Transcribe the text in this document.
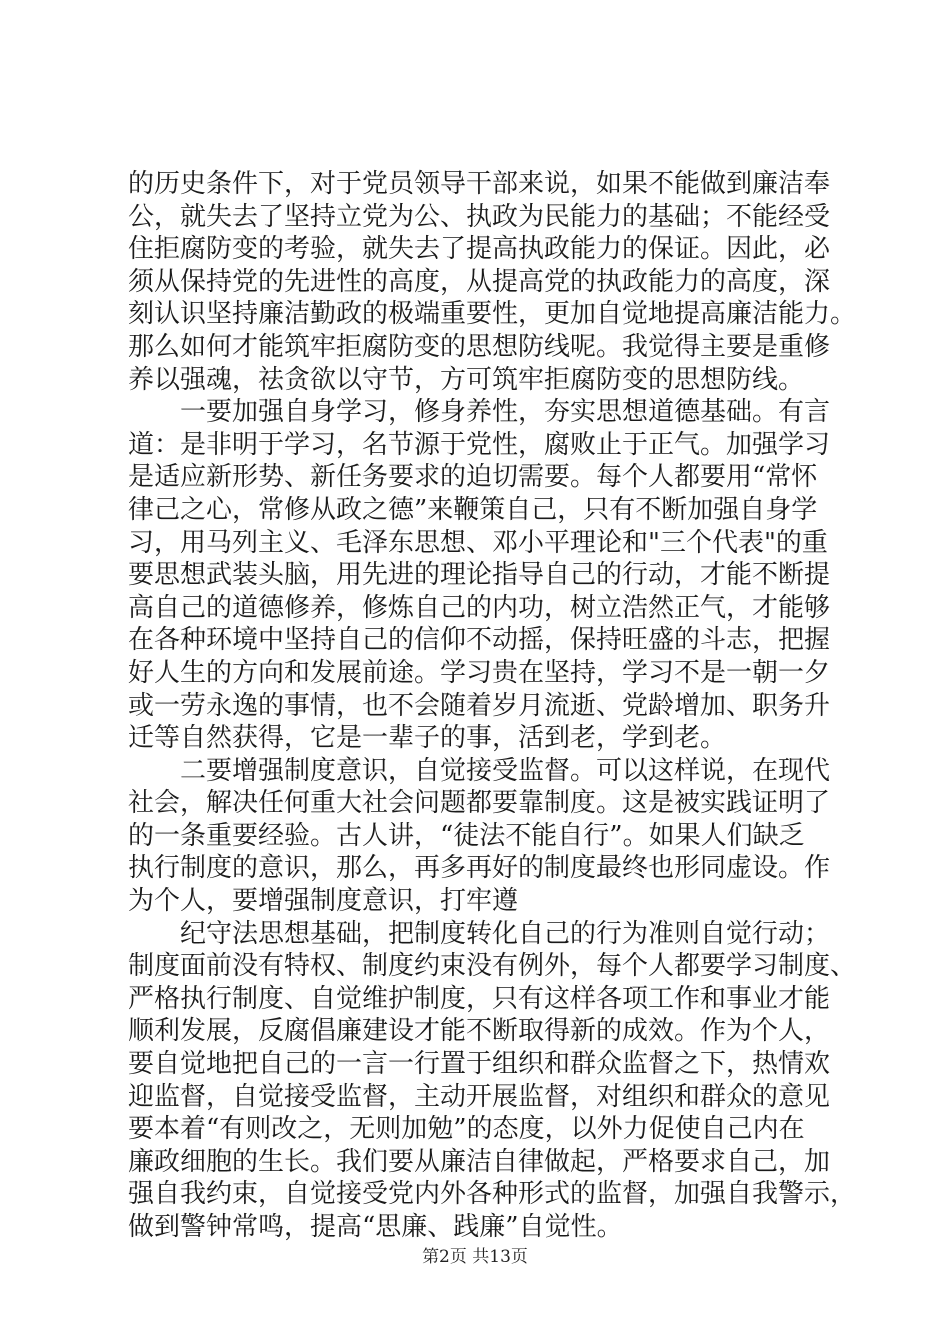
的历史条件下，对于党员领导干部来说，如果不能做到廉洁奉
公，就失去了坚持立党为公、执政为民能力的基础；不能经受
住拒腐防变的考验，就失去了提高执政能力的保证。因此，必
须从保持党的先进性的高度，从提高党的执政能力的高度，深
刻认识坚持廉洁勤政的极端重要性，更加自觉地提高廉洁能力。
那么如何才能筑牢拒腐防变的思想防线呢。我觉得主要是重修
养以强魂，祛贪欲以守节，方可筑牢拒腐防变的思想防线。
　　一要加强自身学习，修身养性，夯实思想道德基础。有言
道：是非明于学习，名节源于党性，腐败止于正气。加强学习
是适应新形势、新任务要求的迫切需要。每个人都要用“常怀
律己之心，常修从政之德”来鞭策自己，只有不断加强自身学
习，用马列主义、毛泽东思想、邓小平理论和"三个代表"的重
要思想武装头脑，用先进的理论指导自己的行动，才能不断提
高自己的道德修养，修炼自己的内功，树立浩然正气，才能够
在各种环境中坚持自己的信仰不动摇，保持旺盛的斗志，把握
好人生的方向和发展前途。学习贵在坚持，学习不是一朝一夕
或一劳永逸的事情，也不会随着岁月流逝、党龄增加、职务升
迁等自然获得，它是一辈子的事，活到老，学到老。
　　二要增强制度意识，自觉接受监督。可以这样说，在现代
社会，解决任何重大社会问题都要靠制度。这是被实践证明了
的一条重要经验。古人讲，“徒法不能自行”。如果人们缺乏
执行制度的意识，那么，再多再好的制度最终也形同虚设。作
为个人，要增强制度意识，打牢遵
　　纪守法思想基础，把制度转化自己的行为准则自觉行动；
制度面前没有特权、制度约束没有例外，每个人都要学习制度、
严格执行制度、自觉维护制度，只有这样各项工作和事业才能
顺利发展，反腐倡廉建设才能不断取得新的成效。作为个人，
要自觉地把自己的一言一行置于组织和群众监督之下，热情欢
迎监督，自觉接受监督，主动开展监督，对组织和群众的意见
要本着“有则改之，无则加勉”的态度，以外力促使自己内在
廉政细胞的生长。我们要从廉洁自律做起，严格要求自己，加
强自我约束，自觉接受党内外各种形式的监督，加强自我警示，
做到警钟常鸣，提高“思廉、践廉”自觉性。
第2页 共13页
